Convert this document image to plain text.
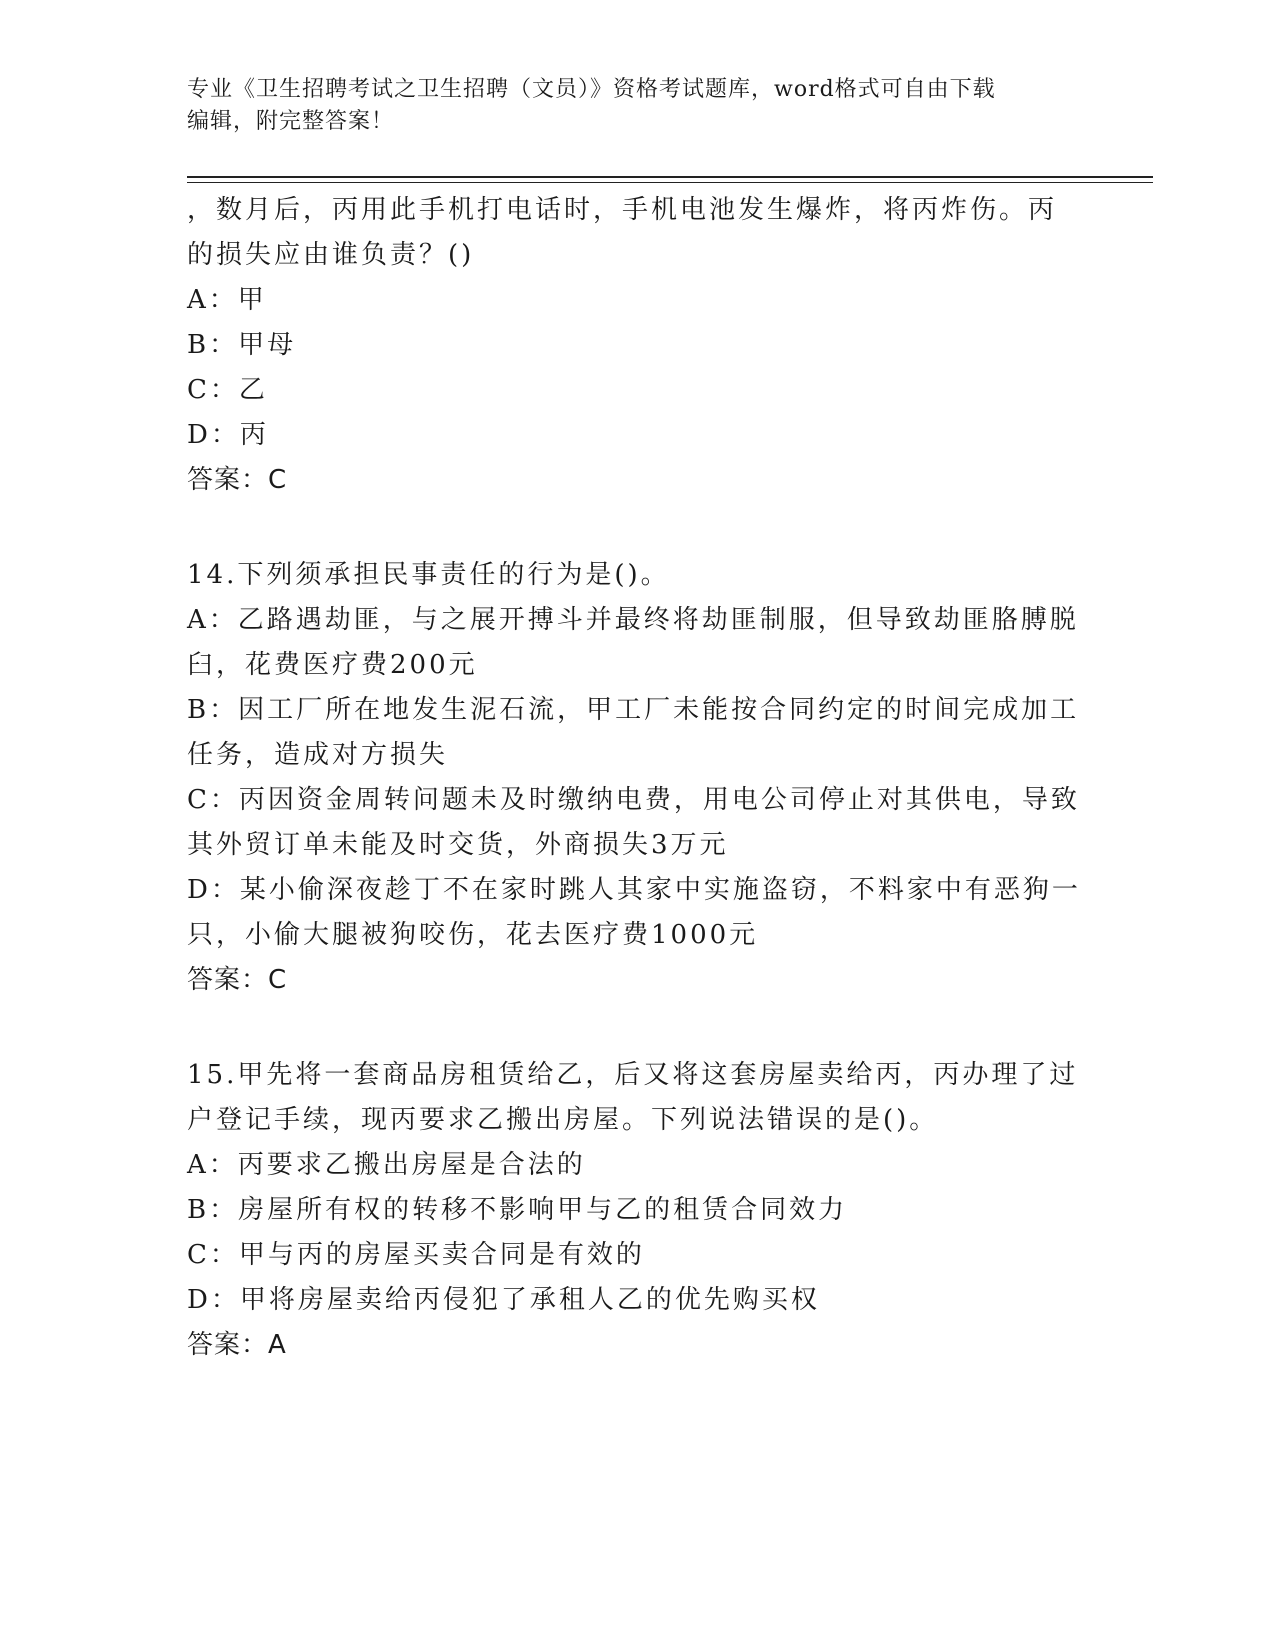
专业《卫生招聘考试之卫生招聘（文员）》资格考试题库，word格式可自由下载
编辑，附完整答案！
，数月后，丙用此手机打电话时，手机电池发生爆炸，将丙炸伤。丙
的损失应由谁负责？()
A：甲
B：甲母
C：乙
D：丙
答案：C
14.下列须承担民事责任的行为是()。
A：乙路遇劫匪，与之展开搏斗并最终将劫匪制服，但导致劫匪胳膊脱
臼，花费医疗费200元
B：因工厂所在地发生泥石流，甲工厂未能按合同约定的时间完成加工
任务，造成对方损失
C：丙因资金周转问题未及时缴纳电费，用电公司停止对其供电，导致
其外贸订单未能及时交货，外商损失3万元
D：某小偷深夜趁丁不在家时跳人其家中实施盗窃，不料家中有恶狗一
只，小偷大腿被狗咬伤，花去医疗费1000元
答案：C
15.甲先将一套商品房租赁给乙，后又将这套房屋卖给丙，丙办理了过
户登记手续，现丙要求乙搬出房屋。下列说法错误的是()。
A：丙要求乙搬出房屋是合法的
B：房屋所有权的转移不影响甲与乙的租赁合同效力
C：甲与丙的房屋买卖合同是有效的
D：甲将房屋卖给丙侵犯了承租人乙的优先购买权
答案：A
